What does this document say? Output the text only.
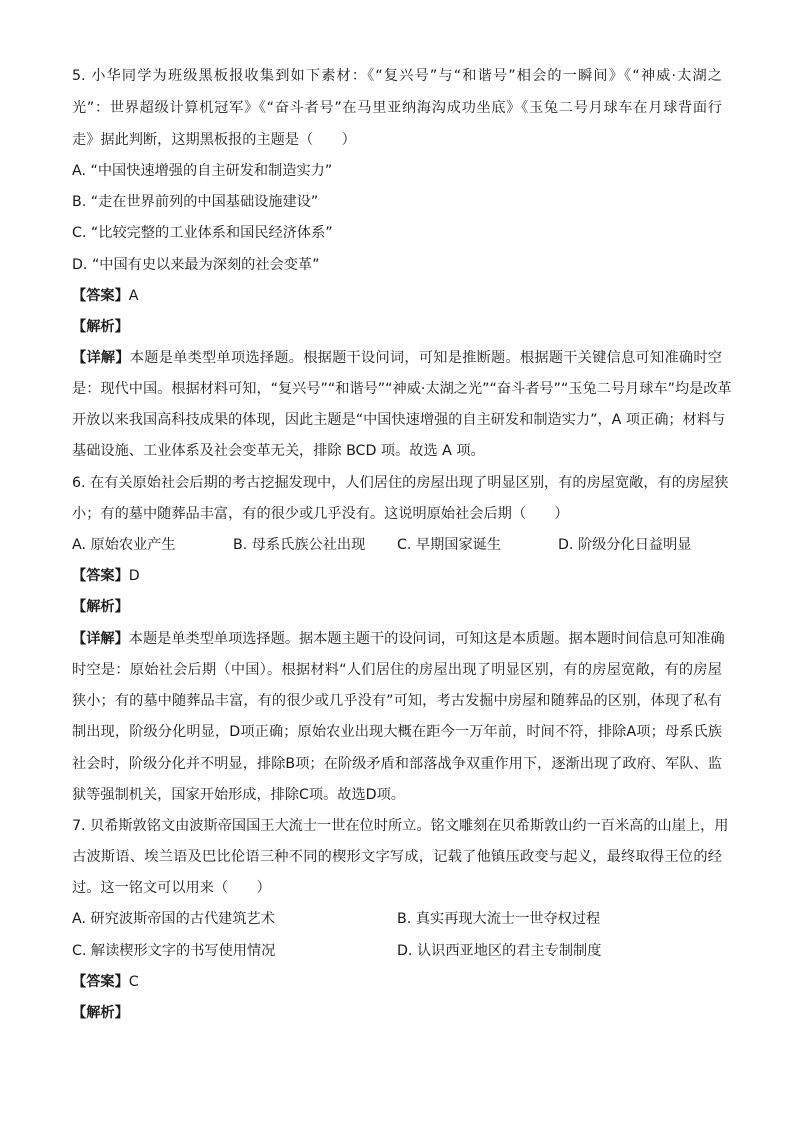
5. 小华同学为班级黑板报收集到如下素材：《“复兴号”与“和谐号”相会的一瞬间》《“神威·太湖之
光”：世界超级计算机冠军》《“奋斗者号”在马里亚纳海沟成功坐底》《玉兔二号月球车在月球背面行
走》据此判断，这期黑板报的主题是（　　）
A. “中国快速增强的自主研发和制造实力”
B. “走在世界前列的中国基础设施建设”
C. “比较完整的工业体系和国民经济体系”
D. “中国有史以来最为深刻的社会变革”
【答案】A
【解析】
【详解】本题是单类型单项选择题。根据题干设问词，可知是推断题。根据题干关键信息可知准确时空
是：现代中国。根据材料可知，“复兴号”“和谐号”“神威·太湖之光”“奋斗者号”“玉兔二号月球车”均是改革
开放以来我国高科技成果的体现，因此主题是“中国快速增强的自主研发和制造实力”，A 项正确；材料与
基础设施、工业体系及社会变革无关，排除 BCD 项。故选 A 项。
6. 在有关原始社会后期的考古挖掘发现中，人们居住的房屋出现了明显区别，有的房屋宽敞，有的房屋狭
小；有的墓中随葬品丰富，有的很少或几乎没有。这说明原始社会后期（　　）
A. 原始农业产生	B. 母系氏族公社出现 C. 早期国家诞生	D. 阶级分化日益明显
【答案】D
【解析】
【详解】本题是单类型单项选择题。据本题主题干的设问词，可知这是本质题。据本题时间信息可知准确
时空是：原始社会后期（中国）。根据材料“人们居住的房屋出现了明显区别，有的房屋宽敞，有的房屋
狭小；有的墓中随葬品丰富，有的很少或几乎没有”可知，考古发掘中房屋和随葬品的区别，体现了私有
制出现，阶级分化明显，D项正确；原始农业出现大概在距今一万年前，时间不符，排除A项；母系氏族
社会时，阶级分化并不明显，排除B项；在阶级矛盾和部落战争双重作用下，逐渐出现了政府、军队、监
狱等强制机关，国家开始形成，排除C项。故选D项。
7. 贝希斯敦铭文由波斯帝国国王大流士一世在位时所立。铭文雕刻在贝希斯敦山约一百米高的山崖上，用
古波斯语、埃兰语及巴比伦语三种不同的楔形文字写成，记载了他镇压政变与起义，最终取得王位的经
过。这一铭文可以用来（　　）
A. 研究波斯帝国的古代建筑艺术	B. 真实再现大流士一世夺权过程
C. 解读楔形文字的书写使用情况	D. 认识西亚地区的君主专制制度
【答案】C
【解析】
